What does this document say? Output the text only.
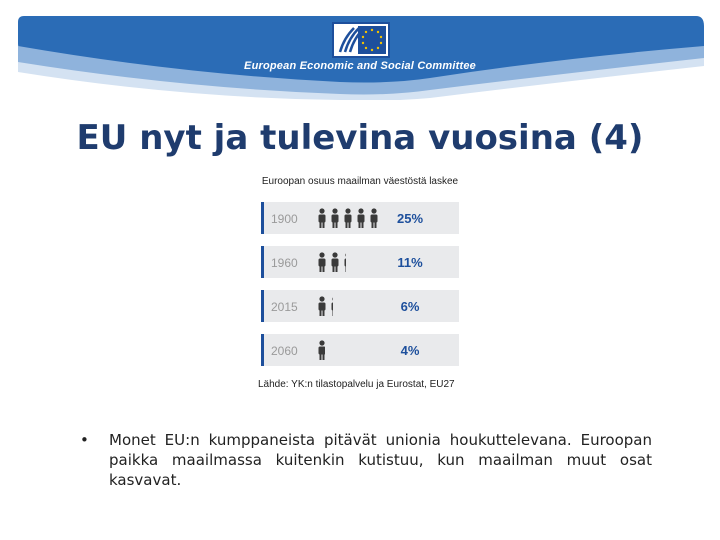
European Economic and Social Committee
EU nyt ja tulevina vuosina (4)
Euroopan osuus maailman väestöstä laskee
1900	25%
1960	11%
2015	6%
2060	4%
Lähde: YK:n tilastopalvelu ja Eurostat, EU27
• Monet EU:n kumppaneista pitävät unionia houkuttelevana. Euroopan paikka maailmassa kuitenkin kutistuu, kun maailman muut osat kasvavat.
